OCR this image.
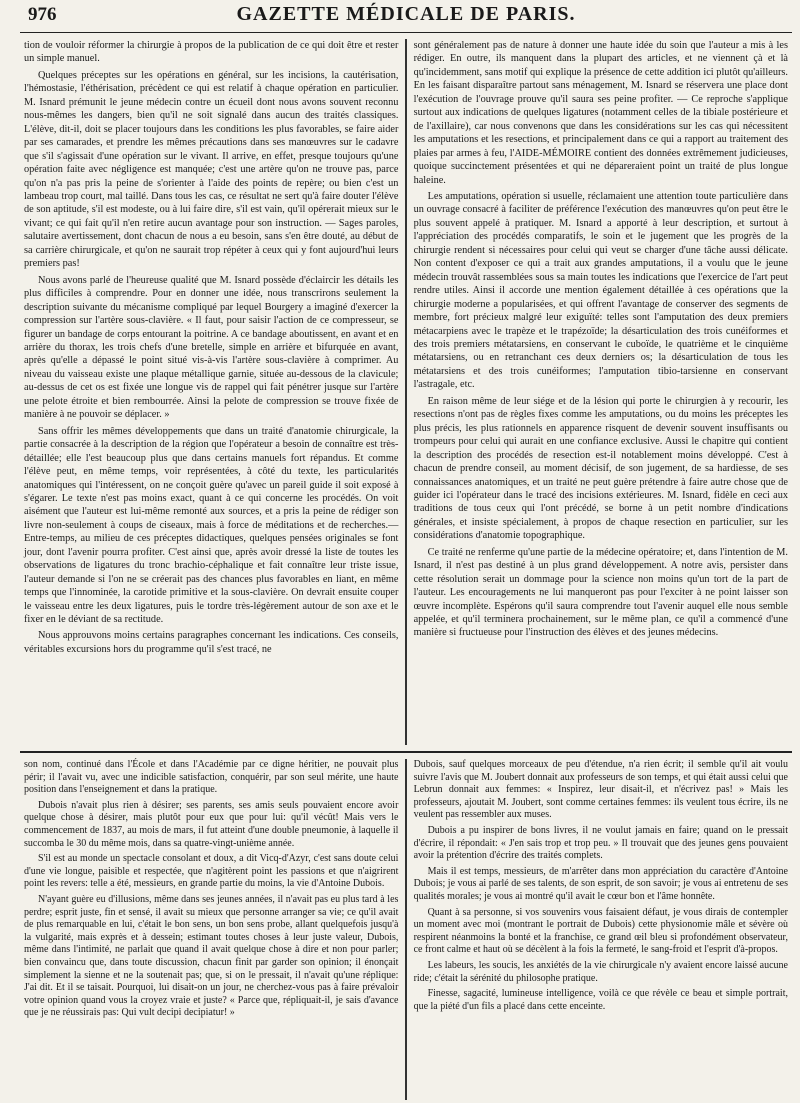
976	GAZETTE MÉDICALE DE PARIS.

tion de vouloir réformer la chirurgie à propos de la publication de ce qui doit être et rester un simple manuel.

Quelques préceptes sur les opérations en général, sur les incisions, la cautérisation, l'hémostasie, l'éthérisation, précèdent ce qui est relatif à chaque opération en particulier. M. Isnard prémunit le jeune médecin contre un écueil dont nous avons souvent reconnu nous-mêmes les dangers, bien qu'il ne soit signalé dans aucun des traités classiques. L'élève, dit-il, doit se placer toujours dans les conditions les plus favorables, se faire aider par ses camarades, et prendre les mêmes précautions dans ses manœuvres sur le cadavre que s'il s'agissait d'une opération sur le vivant. Il arrive, en effet, presque toujours qu'une opération faite avec négligence est manquée; c'est une artère qu'on ne trouve pas, parce qu'on n'a pas pris la peine de s'orienter à l'aide des points de repère; ou bien c'est un lambeau trop court, mal taillé. Dans tous les cas, ce résultat ne sert qu'à faire douter l'élève de son aptitude, s'il est modeste, ou à lui faire dire, s'il est vain, qu'il opérerait mieux sur le vivant; ce qui fait qu'il n'en retire aucun avantage pour son instruction. — Sages paroles, salutaire avertissement, dont chacun de nous a eu besoin, sans s'en être douté, au début de sa carrière chirurgicale, et qu'on ne saurait trop répéter à ceux qui y font aujourd'hui leurs premiers pas!

Nous avons parlé de l'heureuse qualité que M. Isnard possède d'éclaircir les détails les plus difficiles à comprendre. Pour en donner une idée, nous transcrirons seulement la description suivante du mécanisme compliqué par lequel Bourgery a imaginé d'exercer la compression sur l'artère sous-clavière. « Il faut, pour saisir l'action de ce compresseur, se figurer un bandage de corps entourant la poitrine. A ce bandage aboutissent, en avant et en arrière du thorax, les trois chefs d'une bretelle, simple en arrière et bifurquée en avant, après qu'elle a dépassé le point situé vis-à-vis l'artère sous-clavière à comprimer. Au niveau du vaisseau existe une plaque métallique garnie, située au-dessous de la clavicule; au-dessus de cet os est fixée une longue vis de rappel qui fait pénétrer jusque sur l'artère une pelote étroite et bien rembourrée. Ainsi la pelote de compression se trouve fixée de manière à ne pouvoir se déplacer. »

Sans offrir les mêmes développements que dans un traité d'anatomie chirurgicale, la partie consacrée à la description de la région que l'opérateur a besoin de connaître est très-détaillée; elle l'est beaucoup plus que dans certains manuels fort répandus. Et comme l'élève peut, en même temps, voir représentées, à côté du texte, les particularités anatomiques qui l'intéressent, on ne conçoit guère qu'avec un pareil guide il soit exposé à s'égarer. Le texte n'est pas moins exact, quant à ce qui concerne les procédés. On voit aisément que l'auteur est lui-même remonté aux sources, et a pris la peine de rédiger son livre non-seulement à coups de ciseaux, mais à force de méditations et de recherches.—Entre-temps, au milieu de ces préceptes didactiques, quelques pensées originales se font jour, dont l'avenir pourra profiter. C'est ainsi que, après avoir dressé la liste de toutes les observations de ligatures du tronc brachio-céphalique et fait connaître leur triste issue, l'auteur demande si l'on ne se créerait pas des chances plus favorables en liant, en même temps que l'innominée, la carotide primitive et la sous-clavière. On devrait ensuite couper le vaisseau entre les deux ligatures, puis le tordre très-légèrement autour de son axe et le fixer en le déviant de sa rectitude.

Nous approuvons moins certains paragraphes concernant les indications. Ces conseils, véritables excursions hors du programme qu'il s'est tracé, ne

sont généralement pas de nature à donner une haute idée du soin que l'auteur a mis à les rédiger. En outre, ils manquent dans la plupart des articles, et ne viennent çà et là qu'incidemment, sans motif qui explique la présence de cette addition ici plutôt qu'ailleurs. En les faisant disparaître partout sans ménagement, M. Isnard se réservera une place dont l'exécution de l'ouvrage prouve qu'il saura ses peine profiter. — Ce reproche s'applique surtout aux indications de quelques ligatures (notamment celles de la tibiale postérieure et de l'axillaire), car nous convenons que dans les considérations sur les cas qui nécessitent les amputations et les resections, et principalement dans ce qui a rapport au traitement des plaies par armes à feu, l'AIDE-MÉMOIRE contient des données extrêmement judicieuses, quoique succinctement présentées et qui ne dépareraient point un traité de plus longue haleine.

Les amputations, opération si usuelle, réclamaient une attention toute particulière dans un ouvrage consacré à faciliter de préférence l'exécution des manœuvres qu'on peut être le plus souvent appelé à pratiquer. M. Isnard a apporté à leur description, et surtout à l'appréciation des procédés comparatifs, le soin et le jugement que les progrès de la chirurgie rendent si nécessaires pour celui qui veut se charger d'une tâche aussi délicate. Non content d'exposer ce qui a trait aux grandes amputations, il a voulu que le jeune médecin trouvât rassemblées sous sa main toutes les indications que l'exercice de l'art peut rendre utiles. Ainsi il accorde une mention également détaillée à ces opérations que la chirurgie moderne a popularisées, et qui offrent l'avantage de conserver des segments de membre, fort précieux malgré leur exiguïté: telles sont l'amputation des deux premiers métacarpiens avec le trapèze et le trapézoïde; la désarticulation des trois cunéiformes et des trois premiers métatarsiens, en conservant le cuboïde, le quatrième et le cinquième métatarsiens, ou en retranchant ces deux derniers os; la désarticulation de tous les métatarsiens et des trois cunéiformes; l'amputation tibio-tarsienne en conservant l'astragale, etc.

En raison même de leur siége et de la lésion qui porte le chirurgien à y recourir, les resections n'ont pas de règles fixes comme les amputations, ou du moins les préceptes les plus précis, les plus rationnels en apparence risquent de devenir souvent insuffisants ou trompeurs pour celui qui aurait en une confiance exclusive. Aussi le chapitre qui contient la description des procédés de resection est-il notablement moins développé. C'est à chacun de prendre conseil, au moment décisif, de son jugement, de sa hardiesse, de ses connaissances anatomiques, et un traité ne peut guère prétendre à faire autre chose que de guider ici l'opérateur dans le tracé des incisions extérieures. M. Isnard, fidèle en ceci aux traditions de tous ceux qui l'ont précédé, se borne à un petit nombre d'indications générales, et insiste spécialement, à propos de chaque resection en particulier, sur les considérations d'anatomie topographique.

Ce traité ne renferme qu'une partie de la médecine opératoire; et, dans l'intention de M. Isnard, il n'est pas destiné à un plus grand développement. A notre avis, persister dans cette résolution serait un dommage pour la science non moins qu'un tort de la part de l'auteur. Les encouragements ne lui manqueront pas pour l'exciter à ne point laisser son œuvre incomplète. Espérons qu'il saura comprendre tout l'avenir auquel elle nous semble appelée, et qu'il terminera prochainement, sur le même plan, ce qu'il a commencé d'une manière si fructueuse pour l'instruction des élèves et des jeunes médecins.

son nom, continué dans l'École et dans l'Académie par ce digne héritier, ne pouvait plus périr; il l'avait vu, avec une indicible satisfaction, conquérir, par son seul mérite, une haute position dans l'enseignement et dans la pratique.

Dubois n'avait plus rien à désirer; ses parents, ses amis seuls pouvaient encore avoir quelque chose à désirer, mais plutôt pour eux que pour lui: qu'il vécût! Mais vers le commencement de 1837, au mois de mars, il fut atteint d'une double pneumonie, à laquelle il succomba le 30 du même mois, dans sa quatre-vingt-unième année.

S'il est au monde un spectacle consolant et doux, a dit Vicq-d'Azyr, c'est sans doute celui d'une vie longue, paisible et respectée, que n'agitèrent point les passions et que n'aigrirent point les revers: telle a été, messieurs, en grande partie du moins, la vie d'Antoine Dubois.

N'ayant guère eu d'illusions, même dans ses jeunes années, il n'avait pas eu plus tard à les perdre; esprit juste, fin et sensé, il avait su mieux que personne arranger sa vie; ce qu'il avait de plus remarquable en lui, c'était le bon sens, un bon sens probe, allant quelquefois jusqu'à la vulgarité, mais exprès et à dessein; estimant toutes choses à leur juste valeur, Dubois, même dans l'intimité, ne parlait que quand il avait quelque chose à dire et non pour parler; bien convaincu que, dans toute discussion, chacun finit par garder son opinion; il énonçait simplement la sienne et ne la soutenait pas; que, si on le pressait, il n'avait qu'une réplique: J'ai dit. Et il se taisait. Pourquoi, lui disait-on un jour, ne cherchez-vous pas à faire prévaloir votre opinion quand vous la croyez vraie et juste? « Parce que, répliquait-il, je sais d'avance que je ne réussirais pas: Qui vult decipi decipiatur! »

Dubois, sauf quelques morceaux de peu d'étendue, n'a rien écrit; il semble qu'il ait voulu suivre l'avis que M. Joubert donnait aux professeurs de son temps, et qui était aussi celui que Lebrun donnait aux femmes: « Inspirez, leur disait-il, et n'écrivez pas! » Mais les professeurs, ajoutait M. Joubert, sont comme certaines femmes: ils veulent tous écrire, ils ne veulent pas ressembler aux muses.

Dubois a pu inspirer de bons livres, il ne voulut jamais en faire; quand on le pressait d'écrire, il répondait: « J'en sais trop et trop peu. » Il trouvait que des jeunes gens pouvaient avoir la prétention d'écrire des traités complets.

Mais il est temps, messieurs, de m'arrêter dans mon appréciation du caractère d'Antoine Dubois; je vous ai parlé de ses talents, de son esprit, de son savoir; je vous ai entretenu de ses qualités morales; je vous ai montré qu'il avait le cœur bon et l'âme honnête.

Quant à sa personne, si vos souvenirs vous faisaient défaut, je vous dirais de contempler un moment avec moi (montrant le portrait de Dubois) cette physionomie mâle et sévère où respirent néanmoins la bonté et la franchise, ce grand œil bleu si profondément observateur, ce front calme et haut où se décèlent à la fois la fermeté, le sang-froid et l'esprit d'à-propos.

Les labeurs, les soucis, les anxiétés de la vie chirurgicale n'y avaient encore laissé aucune ride; c'était la sérénité du philosophe pratique.

Finesse, sagacité, lumineuse intelligence, voilà ce que révèle ce beau et simple portrait, que la piété d'un fils a placé dans cette enceinte.
